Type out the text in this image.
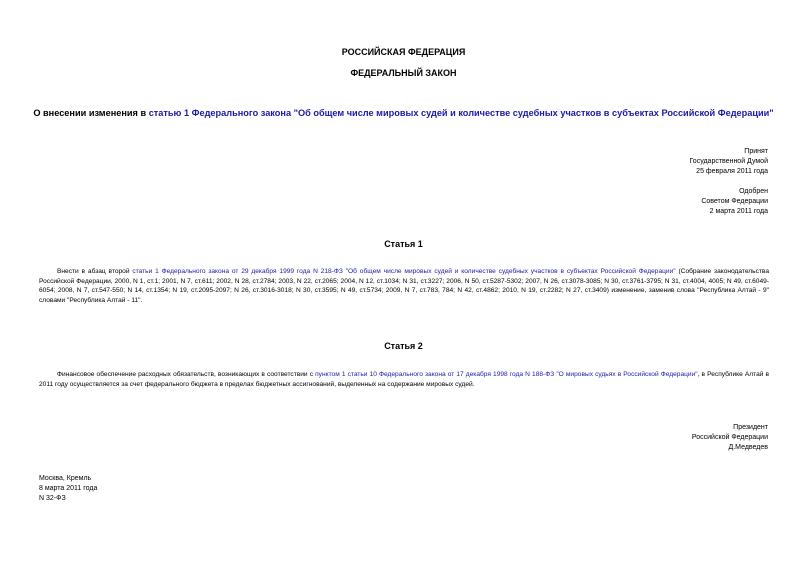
РОССИЙСКАЯ ФЕДЕРАЦИЯ
ФЕДЕРАЛЬНЫЙ ЗАКОН
О внесении изменения в статью 1 Федерального закона "Об общем числе мировых судей и количестве судебных участков в субъектах Российской Федерации"
Принят
Государственной Думой
25 февраля 2011 года
Одобрен
Советом Федерации
2 марта 2011 года
Статья 1
Внести в абзац второй статьи 1 Федерального закона от 29 декабря 1999 года N 218-ФЗ "Об общем числе мировых судей и количестве судебных участков в субъектах Российской Федерации" (Собрание законодательства Российской Федерации, 2000, N 1, ст.1; 2001, N 7, ст.611; 2002, N 28, ст.2784; 2003, N 22, ст.2065; 2004, N 12, ст.1034; N 31, ст.3227; 2006, N 50, ст.5287-5302; 2007, N 26, ст.3078-3085; N 30, ст.3761-3795; N 31, ст.4004, 4005; N 49, ст.6049-6054; 2008, N 7, ст.547-550; N 14, ст.1354; N 19, ст.2095-2097; N 26, ст.3016-3018; N 30, ст.3595; N 49, ст.5734; 2009, N 7, ст.783, 784; N 42, ст.4862; 2010, N 19, ст.2282; N 27, ст.3409) изменение, заменив слова "Республика Алтай - 9" словами "Республика Алтай - 11".
Статья 2
Финансовое обеспечение расходных обязательств, возникающих в соответствии с пунктом 1 статьи 10 Федерального закона от 17 декабря 1998 года N 188-ФЗ "О мировых судьях в Российской Федерации", в Республике Алтай в 2011 году осуществляется за счет федерального бюджета в пределах бюджетных ассигнований, выделенных на содержание мировых судей.
Президент
Российской Федерации
Д.Медведев
Москва, Кремль
8 марта 2011 года
N 32-ФЗ
